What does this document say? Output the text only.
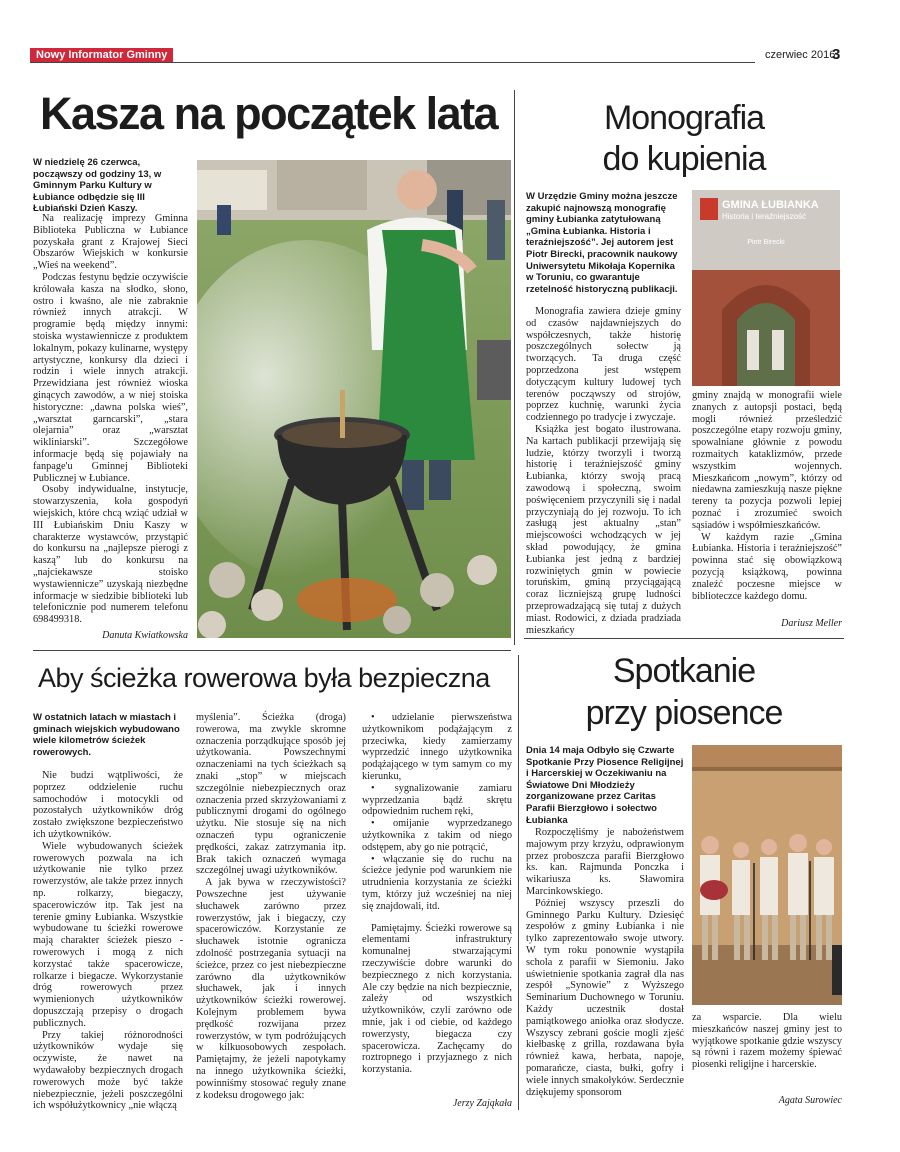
Nowy Informator Gminny	czerwiec 2016
3
Kasza na początek lata

W niedzielę 26 czerwca, począwszy od godziny 13, w Gminnym Parku Kultury w Łubiance odbędzie się III Łubiański Dzień Kaszy.

Na realizację imprezy Gminna Biblioteka Publiczna w Łubiance pozyskała grant z Krajowej Sieci Obszarów Wiejskich w konkursie „Wieś na weekend”.

Podczas festynu będzie oczywiście królowała kasza na słodko, słono, ostro i kwaśno, ale nie zabraknie również innych atrakcji. W programie będą między innymi: stoiska wystawiennicze z produktem lokalnym, pokazy kulinarne, występy artystyczne, konkursy dla dzieci i rodzin i wiele innych atrakcji. Przewidziana jest również wioska ginących zawodów, a w niej stoiska historyczne: „dawna polska wieś”, „warsztat garncarski”, „stara olejarnia” oraz „warsztat wikliniarski”. Szczegółowe informacje będą się pojawiały na fanpage'u Gminnej Biblioteki Publicznej w Łubiance.

Osoby indywidualne, instytucje, stowarzyszenia, koła gospodyń wiejskich, które chcą wziąć udział w III Łubiańskim Dniu Kaszy w charakterze wystawców, przystąpić do konkursu na „najlepsze pierogi z kaszą” lub do konkursu na „najciekawsze stoisko wystawiennicze” uzyskają niezbędne informacje w siedzibie biblioteki lub telefonicznie pod numerem telefonu 698499318.

Danuta Kwiatkowska
Monografia
do kupienia

W Urzędzie Gminy można jeszcze zakupić najnowszą monografię gminy Łubianka zatytułowaną „Gmina Łubianka. Historia i teraźniejszość”. Jej autorem jest Piotr Birecki, pracownik naukowy Uniwersytetu Mikołaja Kopernika w Toruniu, co gwarantuje rzetelność historyczną publikacji.

Monografia zawiera dzieje gminy od czasów najdawniejszych do współczesnych, także historię poszczególnych sołectw ją tworzących. Ta druga część poprzedzona jest wstępem dotyczącym kultury ludowej tych terenów począwszy od strojów, poprzez kuchnię, warunki życia codziennego po tradycje i zwyczaje.

Książka jest bogato ilustrowana. Na kartach publikacji przewijają się ludzie, którzy tworzyli i tworzą historię i teraźniejszość gminy Łubianka, którzy swoją pracą zawodową i społeczną, swoim poświęceniem przyczynili się i nadal przyczyniają do jej rozwoju. To ich zasługą jest aktualny „stan” miejscowości wchodzących w jej skład powodujący, że gmina Łubianka jest jedną z bardziej rozwiniętych gmin w powiecie toruńskim, gminą przyciągającą coraz liczniejszą grupę ludności przeprowadzającą się tutaj z dużych miast. Rodowici, z dziada pradziada mieszkańcy

GMINA ŁUBIANKA
Historia i teraźniejszość
Piotr Birecki

gminy znajdą w monografii wiele znanych z autopsji postaci, będą mogli również prześledzić poszczególne etapy rozwoju gminy, spowalniane głównie z powodu rozmaitych kataklizmów, przede wszystkim wojennych. Mieszkańcom „nowym”, którzy od niedawna zamieszkują nasze piękne tereny ta pozycja pozwoli lepiej poznać i zrozumieć swoich sąsiadów i współmieszkańców.

W każdym razie „Gmina Łubianka. Historia i teraźniejszość” powinna stać się obowiązkową pozycją książkową, powinna znaleźć poczesne miejsce w biblioteczce każdego domu.

Dariusz Meller
Aby ścieżka rowerowa była bezpieczna

W ostatnich latach w miastach i gminach wiejskich wybudowano wiele kilometrów ścieżek rowerowych.

Nie budzi wątpliwości, że poprzez oddzielenie ruchu samochodów i motocykli od pozostałych użytkowników dróg zostało zwiększone bezpieczeństwo ich użytkowników.

Wiele wybudowanych ścieżek rowerowych pozwala na ich użytkowanie nie tylko przez rowerzystów, ale także przez innych np. rolkarzy, biegaczy, spacerowiczów itp. Tak jest na terenie gminy Łubianka. Wszystkie wybudowane tu ścieżki rowerowe mają charakter ścieżek pieszo - rowerowych i mogą z nich korzystać także spacerowicze, rolkarze i biegacze. Wykorzystanie dróg rowerowych przez wymienionych użytkowników dopuszczają przepisy o drogach publicznych.

Przy takiej różnorodności użytkowników wydaje się oczywiste, że nawet na wydawałoby bezpiecznych drogach rowerowych może być także niebezpiecznie, jeżeli poszczególni ich współużytkownicy „nie włączą

myślenia”. Ścieżka (droga) rowerowa, ma zwykle skromne oznaczenia porządkujące sposób jej użytkowania. Powszechnymi oznaczeniami na tych ścieżkach są znaki „stop” w miejscach szczególnie niebezpiecznych oraz oznaczenia przed skrzyżowaniami z publicznymi drogami do ogólnego użytku. Nie stosuje się na nich oznaczeń typu ograniczenie prędkości, zakaz zatrzymania itp. Brak takich oznaczeń wymaga szczególnej uwagi użytkowników.

A jak bywa w rzeczywistości? Powszechne jest używanie słuchawek zarówno przez rowerzystów, jak i biegaczy, czy spacerowiczów. Korzystanie ze słuchawek istotnie ogranicza zdolność postrzegania sytuacji na ścieżce, przez co jest niebezpieczne zarówno dla użytkowników słuchawek, jak i innych użytkowników ścieżki rowerowej. Kolejnym problemem bywa prędkość rozwijana przez rowerzystów, w tym podróżujących w kilkuosobowych zespołach. Pamiętajmy, że jeżeli napotykamy na innego użytkownika ścieżki, powinniśmy stosować reguły znane z kodeksu drogowego jak:

• udzielanie pierwszeństwa użytkownikom podążającym z przeciwka, kiedy zamierzamy wyprzedzić innego użytkownika podążającego w tym samym co my kierunku,

• sygnalizowanie zamiaru wyprzedzania bądź skrętu odpowiednim ruchem ręki,

• omijanie wyprzedzanego użytkownika z takim od niego odstępem, aby go nie potrącić,

• włączanie się do ruchu na ścieżce jedynie pod warunkiem nie utrudnienia korzystania ze ścieżki tym, którzy już wcześniej na niej się znajdowali, itd.

Pamiętajmy. Ścieżki rowerowe są elementami infrastruktury komunalnej stwarzającymi rzeczywiście dobre warunki do bezpiecznego z nich korzystania. Ale czy będzie na nich bezpiecznie, zależy od wszystkich użytkowników, czyli zarówno ode mnie, jak i od ciebie, od każdego rowerzysty, biegacza czy spacerowicza. Zachęcamy do roztropnego i przyjaznego z nich korzystania.

Jerzy Zająkała
Spotkanie
przy piosence

Dnia 14 maja Odbyło się Czwarte Spotkanie Przy Piosence Religijnej i Harcerskiej w Oczekiwaniu na Światowe Dni Młodzieży zorganizowane przez Caritas Parafii Bierzgłowo i sołectwo Łubianka

Rozpoczęliśmy je nabożeństwem majowym przy krzyżu, odprawionym przez proboszcza parafii Bierzgłowo ks. kan. Rajmunda Ponczka i wikariusza ks. Sławomira Marcinkowskiego.

Później wszyscy przeszli do Gminnego Parku Kultury. Dziesięć zespołów z gminy Łubianka i nie tylko zaprezentowało swoje utwory. W tym roku ponownie wystąpiła schola z parafii w Siemoniu. Jako uświetnienie spotkania zagrał dla nas zespół „Synowie” z Wyższego Seminarium Duchownego w Toruniu. Każdy uczestnik dostał pamiątkowego aniołka oraz słodycze. Wszyscy zebrani goście mogli zjeść kiełbaskę z grilla, rozdawana była również kawa, herbata, napoje, pomarańcze, ciasta, bułki, gofry i wiele innych smakołyków. Serdecznie dziękujemy sponsorom

za wsparcie. Dla wielu mieszkańców naszej gminy jest to wyjątkowe spotkanie gdzie wszyscy są równi i razem możemy śpiewać piosenki religijne i harcerskie.

Agata Surowiec
